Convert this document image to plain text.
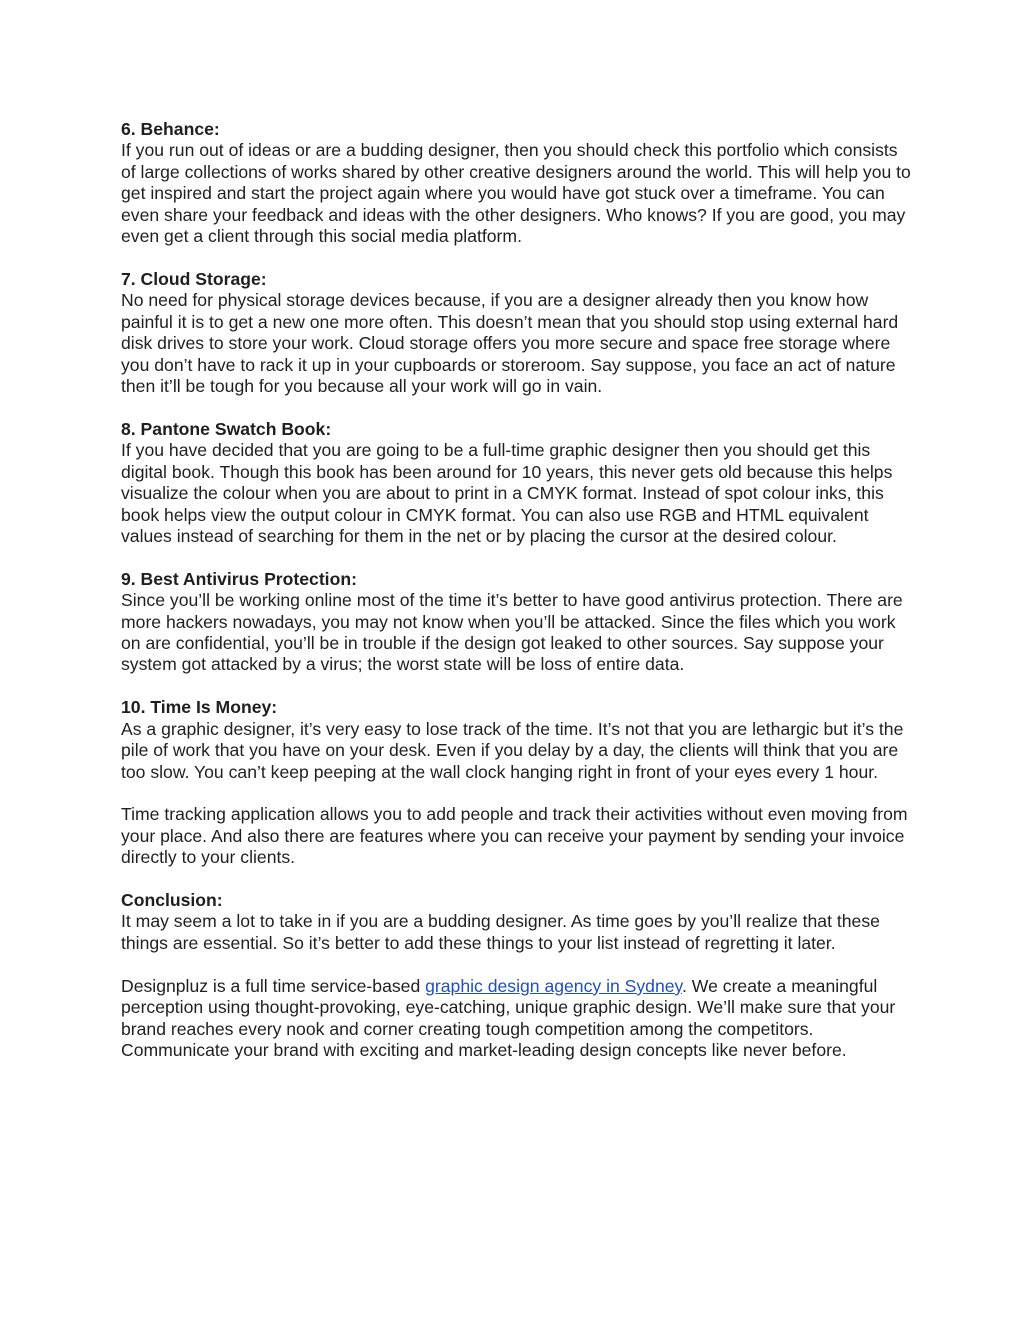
6. Behance:
If you run out of ideas or are a budding designer, then you should check this portfolio which consists of large collections of works shared by other creative designers around the world. This will help you to get inspired and start the project again where you would have got stuck over a timeframe. You can even share your feedback and ideas with the other designers. Who knows? If you are good, you may even get a client through this social media platform.
7. Cloud Storage:
No need for physical storage devices because, if you are a designer already then you know how painful it is to get a new one more often. This doesn’t mean that you should stop using external hard disk drives to store your work. Cloud storage offers you more secure and space free storage where you don’t have to rack it up in your cupboards or storeroom. Say suppose, you face an act of nature then it’ll be tough for you because all your work will go in vain.
8. Pantone Swatch Book:
If you have decided that you are going to be a full-time graphic designer then you should get this digital book. Though this book has been around for 10 years, this never gets old because this helps visualize the colour when you are about to print in a CMYK format. Instead of spot colour inks, this book helps view the output colour in CMYK format. You can also use RGB and HTML equivalent values instead of searching for them in the net or by placing the cursor at the desired colour.
9. Best Antivirus Protection:
Since you’ll be working online most of the time it’s better to have good antivirus protection. There are more hackers nowadays, you may not know when you’ll be attacked. Since the files which you work on are confidential, you’ll be in trouble if the design got leaked to other sources. Say suppose your system got attacked by a virus; the worst state will be loss of entire data.
10. Time Is Money:
As a graphic designer, it’s very easy to lose track of the time. It’s not that you are lethargic but it’s the pile of work that you have on your desk. Even if you delay by a day, the clients will think that you are too slow. You can’t keep peeping at the wall clock hanging right in front of your eyes every 1 hour.
Time tracking application allows you to add people and track their activities without even moving from your place. And also there are features where you can receive your payment by sending your invoice directly to your clients.
Conclusion:
It may seem a lot to take in if you are a budding designer. As time goes by you’ll realize that these things are essential. So it’s better to add these things to your list instead of regretting it later.
Designpluz is a full time service-based graphic design agency in Sydney. We create a meaningful perception using thought-provoking, eye-catching, unique graphic design. We’ll make sure that your brand reaches every nook and corner creating tough competition among the competitors. Communicate your brand with exciting and market-leading design concepts like never before.
